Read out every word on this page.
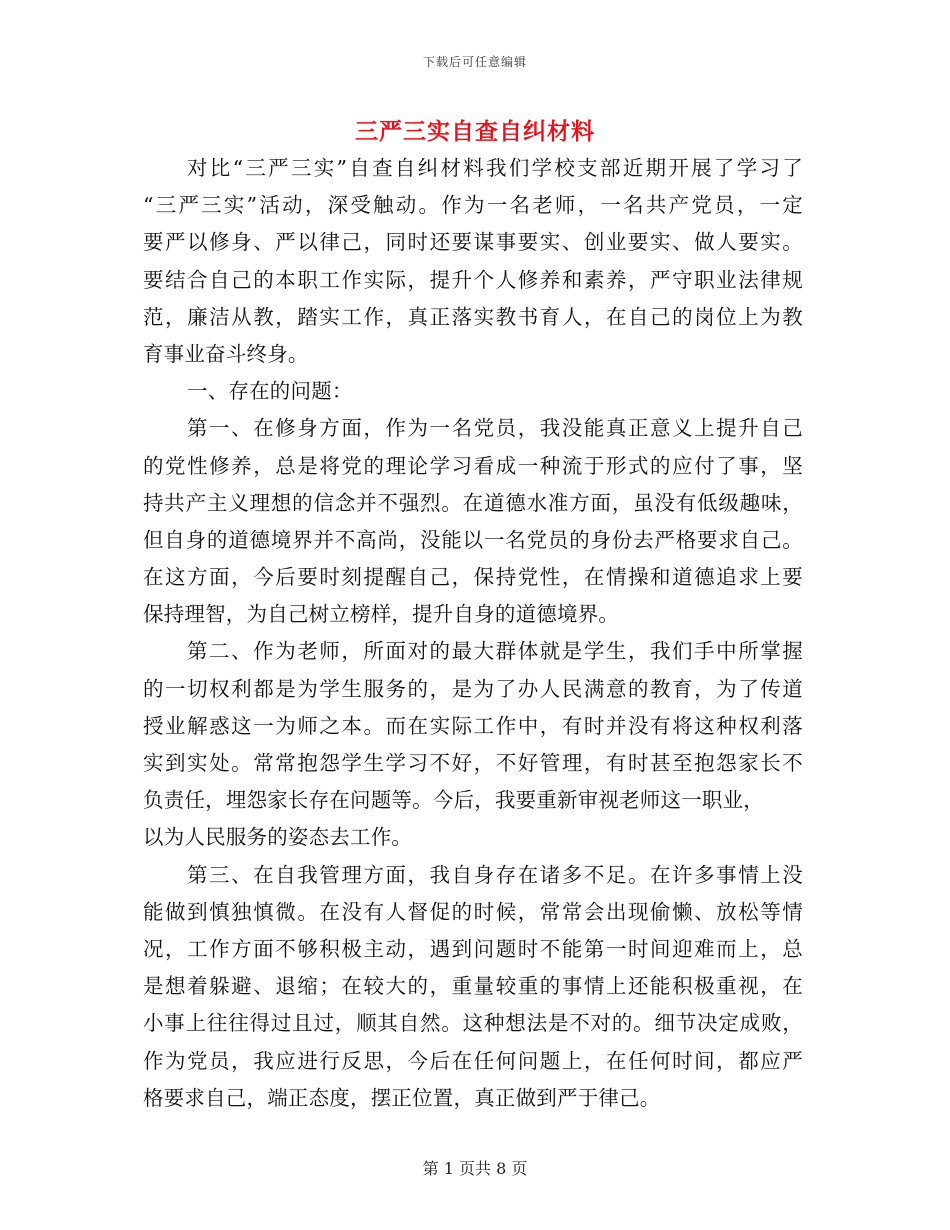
下载后可任意编辑
三严三实自查自纠材料
对比“三严三实”自查自纠材料我们学校支部近期开展了学习了
“三严三实”活动，深受触动。作为一名老师，一名共产党员，一定
要严以修身、严以律己，同时还要谋事要实、创业要实、做人要实。
要结合自己的本职工作实际，提升个人修养和素养，严守职业法律规
范，廉洁从教，踏实工作，真正落实教书育人，在自己的岗位上为教
育事业奋斗终身。
一、存在的问题：
第一、在修身方面，作为一名党员，我没能真正意义上提升自己
的党性修养，总是将党的理论学习看成一种流于形式的应付了事，坚
持共产主义理想的信念并不强烈。在道德水准方面，虽没有低级趣味，
但自身的道德境界并不高尚，没能以一名党员的身份去严格要求自己。
在这方面，今后要时刻提醒自己，保持党性，在情操和道德追求上要
保持理智，为自己树立榜样，提升自身的道德境界。
第二、作为老师，所面对的最大群体就是学生，我们手中所掌握
的一切权利都是为学生服务的，是为了办人民满意的教育，为了传道
授业解惑这一为师之本。而在实际工作中，有时并没有将这种权利落
实到实处。常常抱怨学生学习不好，不好管理，有时甚至抱怨家长不
负责任，埋怨家长存在问题等。今后，我要重新审视老师这一职业，
以为人民服务的姿态去工作。
第三、在自我管理方面，我自身存在诸多不足。在许多事情上没
能做到慎独慎微。在没有人督促的时候，常常会出现偷懒、放松等情
况，工作方面不够积极主动，遇到问题时不能第一时间迎难而上，总
是想着躲避、退缩；在较大的，重量较重的事情上还能积极重视，在
小事上往往得过且过，顺其自然。这种想法是不对的。细节决定成败，
作为党员，我应进行反思，今后在任何问题上，在任何时间，都应严
格要求自己，端正态度，摆正位置，真正做到严于律己。
第 1 页共 8 页
